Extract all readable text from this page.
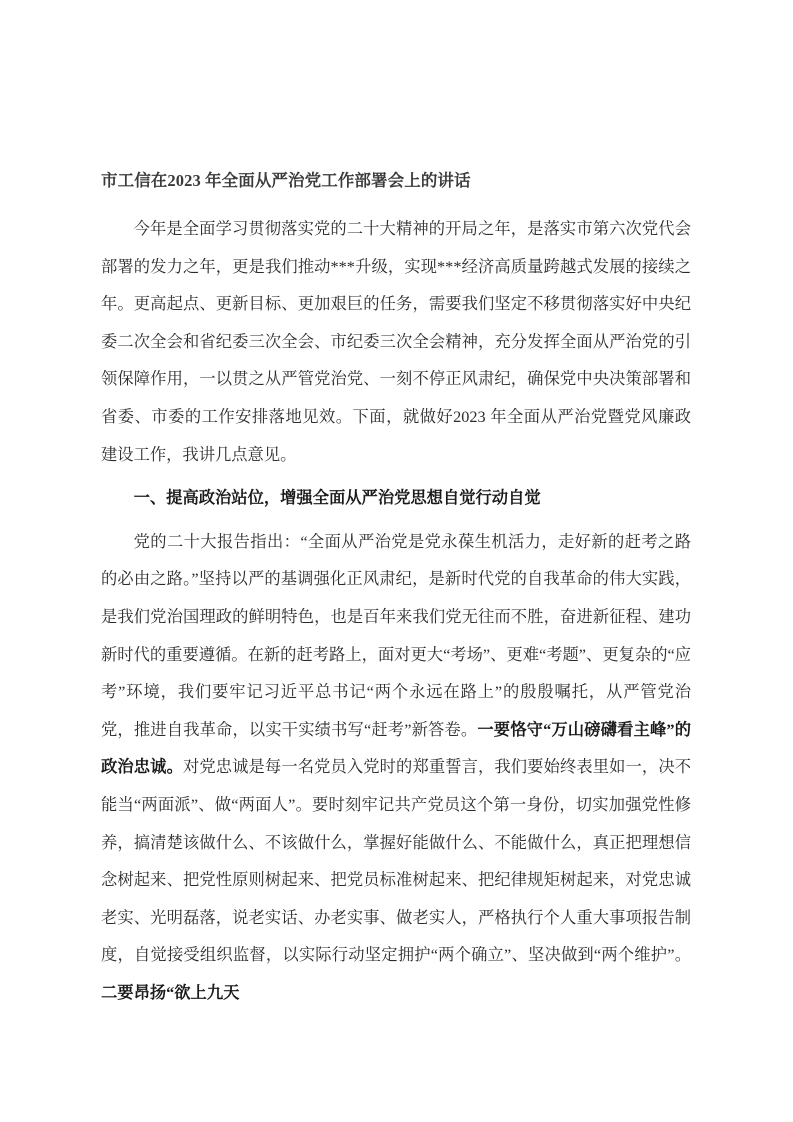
市工信在2023 年全面从严治党工作部署会上的讲话

今年是全面学习贯彻落实党的二十大精神的开局之年，是落实市第六次党代会部署的发力之年，更是我们推动***升级，实现***经济高质量跨越式发展的接续之年。更高起点、更新目标、更加艰巨的任务，需要我们坚定不移贯彻落实好中央纪委二次全会和省纪委三次全会、市纪委三次全会精神，充分发挥全面从严治党的引领保障作用，一以贯之从严管党治党、一刻不停正风肃纪，确保党中央决策部署和省委、市委的工作安排落地见效。下面，就做好2023 年全面从严治党暨党风廉政建设工作，我讲几点意见。

一、提高政治站位，增强全面从严治党思想自觉行动自觉

党的二十大报告指出：“全面从严治党是党永葆生机活力，走好新的赶考之路的必由之路。”坚持以严的基调强化正风肃纪，是新时代党的自我革命的伟大实践，是我们党治国理政的鲜明特色，也是百年来我们党无往而不胜，奋进新征程、建功新时代的重要遵循。在新的赶考路上，面对更大“考场”、更难“考题”、更复杂的“应考”环境，我们要牢记习近平总书记“两个永远在路上”的殷殷嘱托，从严管党治党，推进自我革命，以实干实绩书写“赶考”新答卷。一要恪守“万山磅礴看主峰”的政治忠诚。对党忠诚是每一名党员入党时的郑重誓言，我们要始终表里如一，决不能当“两面派”、做“两面人”。要时刻牢记共产党员这个第一身份，切实加强党性修养，搞清楚该做什么、不该做什么，掌握好能做什么、不能做什么，真正把理想信念树起来、把党性原则树起来、把党员标准树起来、把纪律规矩树起来，对党忠诚老实、光明磊落，说老实话、办老实事、做老实人，严格执行个人重大事项报告制度，自觉接受组织监督，以实际行动坚定拥护“两个确立”、坚决做到“两个维护”。二要昂扬“欲上九天
